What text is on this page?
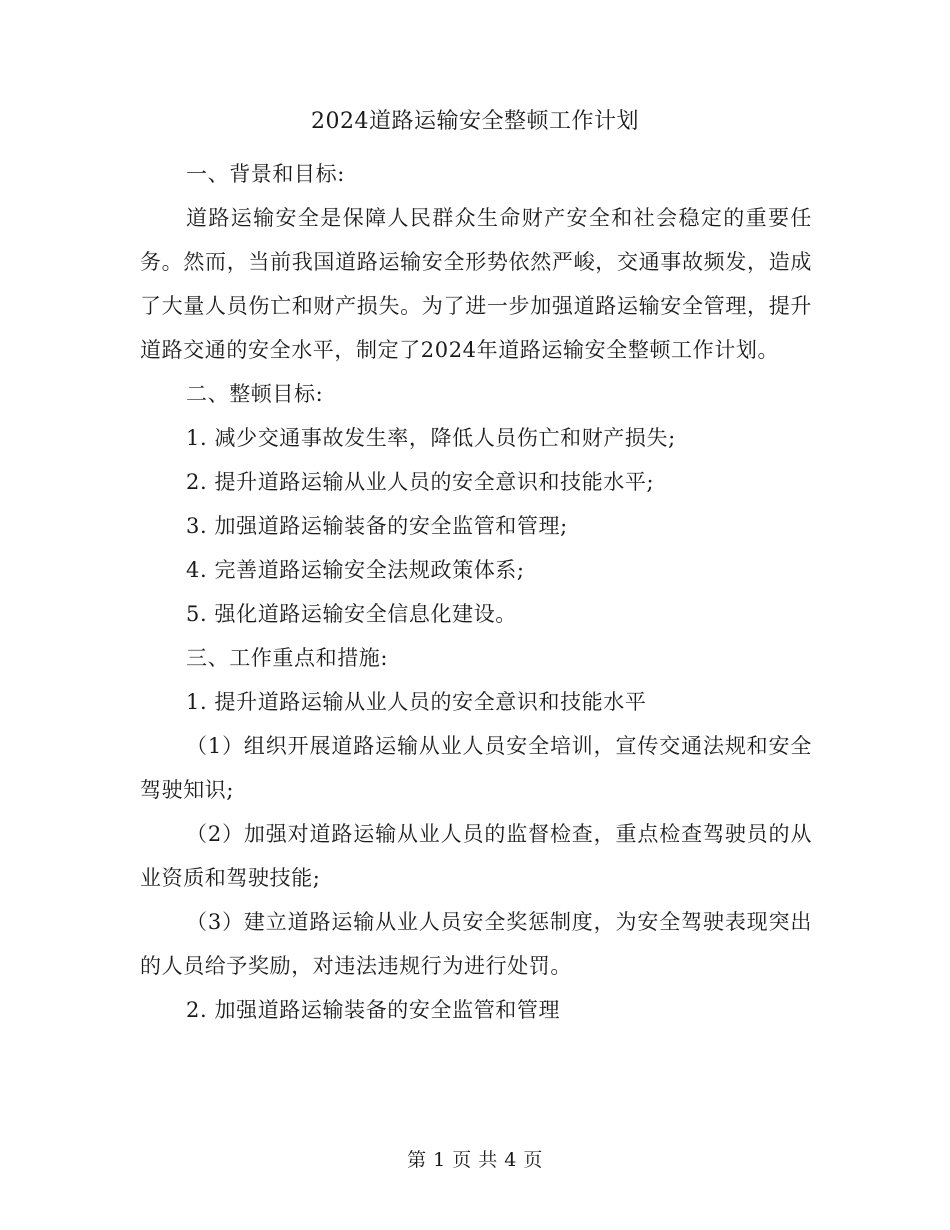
2024道路运输安全整顿工作计划

一、背景和目标:

道路运输安全是保障人民群众生命财产安全和社会稳定的重要任务。然而，当前我国道路运输安全形势依然严峻，交通事故频发，造成了大量人员伤亡和财产损失。为了进一步加强道路运输安全管理，提升道路交通的安全水平，制定了2024年道路运输安全整顿工作计划。

二、整顿目标:

1. 减少交通事故发生率，降低人员伤亡和财产损失;

2. 提升道路运输从业人员的安全意识和技能水平;

3. 加强道路运输装备的安全监管和管理;

4. 完善道路运输安全法规政策体系;

5. 强化道路运输安全信息化建设。

三、工作重点和措施:

1. 提升道路运输从业人员的安全意识和技能水平

（1）组织开展道路运输从业人员安全培训，宣传交通法规和安全驾驶知识;

（2）加强对道路运输从业人员的监督检查，重点检查驾驶员的从业资质和驾驶技能;

（3）建立道路运输从业人员安全奖惩制度，为安全驾驶表现突出的人员给予奖励，对违法违规行为进行处罚。

2. 加强道路运输装备的安全监管和管理

第 1 页 共 4 页
